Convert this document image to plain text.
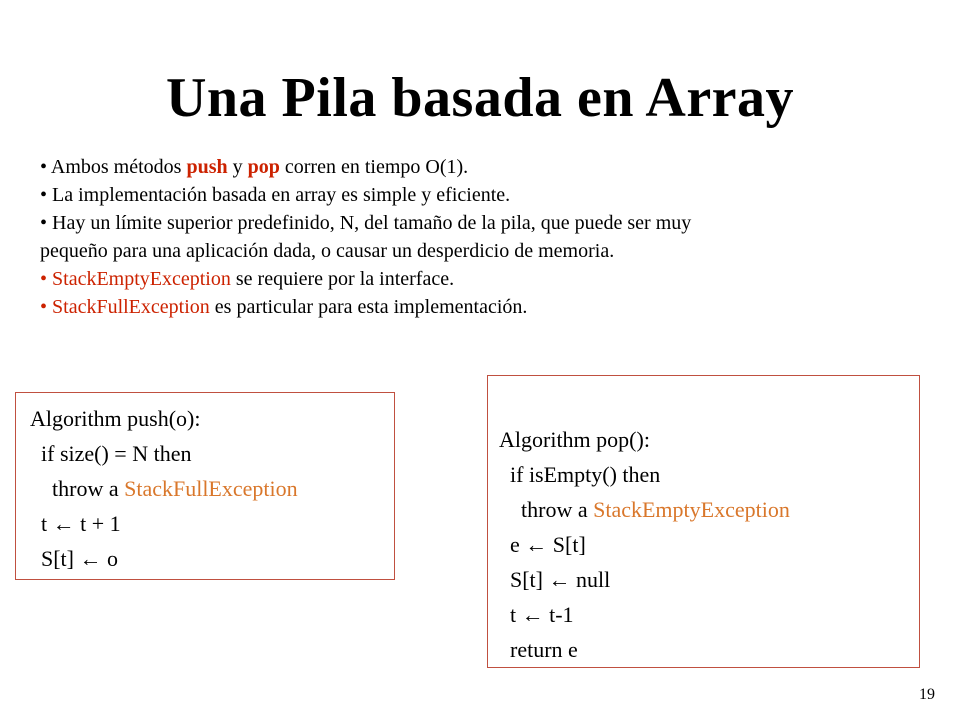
Una Pila basada en Array

• Ambos métodos push y pop corren en tiempo O(1).

• La implementación basada en array es simple y eficiente.

• Hay un límite superior predefinido, N, del tamaño de la pila, que puede ser muy

pequeño para una aplicación dada, o causar un desperdicio de memoria.

• StackEmptyException se requiere por la interface.

• StackFullException es particular para esta implementación.

Algorithm push(o):
if size() = N then
throw a StackFullException
t ← t + 1
S[t] ← o
Algorithm pop():
if isEmpty() then
throw a StackEmptyException
e ← S[t]
S[t] ← null
t ← t-1
return e
19
